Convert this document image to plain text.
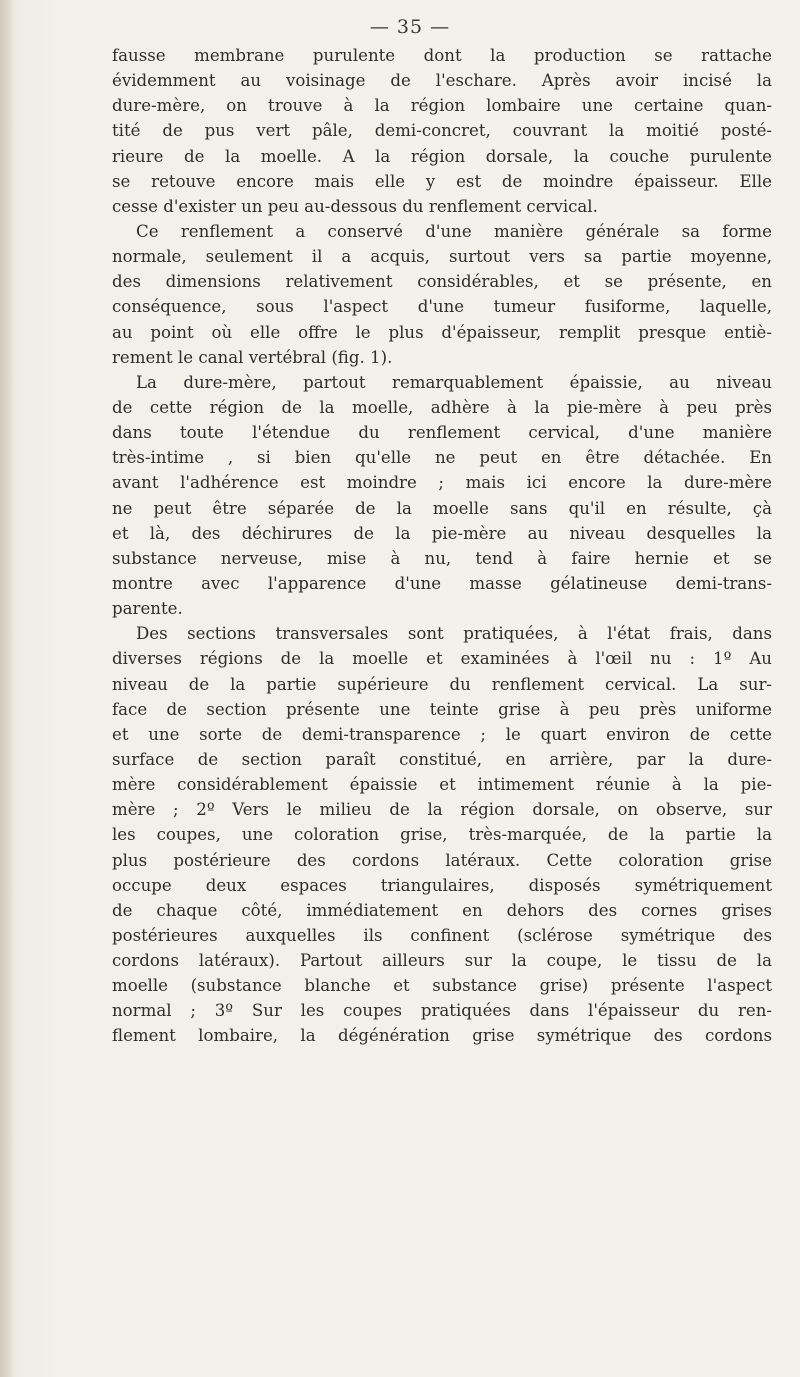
— 35 —
fausse membrane purulente dont la production se rattache
évidemment au voisinage de l'eschare. Après avoir incisé la
dure-mère, on trouve à la région lombaire une certaine quan-
tité de pus vert pâle, demi-concret, couvrant la moitié posté-
rieure de la moelle. A la région dorsale, la couche purulente
se retouve encore mais elle y est de moindre épaisseur. Elle
cesse d'exister un peu au-dessous du renflement cervical.
Ce renflement a conservé d'une manière générale sa forme
normale, seulement il a acquis, surtout vers sa partie moyenne,
des dimensions relativement considérables, et se présente, en
conséquence, sous l'aspect d'une tumeur fusiforme, laquelle,
au point où elle offre le plus d'épaisseur, remplit presque entiè-
rement le canal vertébral (fig. 1).
La dure-mère, partout remarquablement épaissie, au niveau
de cette région de la moelle, adhère à la pie-mère à peu près
dans toute l'étendue du renflement cervical, d'une manière
très-intime , si bien qu'elle ne peut en être détachée. En
avant l'adhérence est moindre ; mais ici encore la dure-mère
ne peut être séparée de la moelle sans qu'il en résulte, çà
et là, des déchirures de la pie-mère au niveau desquelles la
substance nerveuse, mise à nu, tend à faire hernie et se
montre avec l'apparence d'une masse gélatineuse demi-trans-
parente.
Des sections transversales sont pratiquées, à l'état frais, dans
diverses régions de la moelle et examinées à l'œil nu : 1º Au
niveau de la partie supérieure du renflement cervical. La sur-
face de section présente une teinte grise à peu près uniforme
et une sorte de demi-transparence ; le quart environ de cette
surface de section paraît constitué, en arrière, par la dure-
mère considérablement épaissie et intimement réunie à la pie-
mère ; 2º Vers le milieu de la région dorsale, on observe, sur
les coupes, une coloration grise, très-marquée, de la partie la
plus postérieure des cordons latéraux. Cette coloration grise
occupe deux espaces triangulaires, disposés symétriquement
de chaque côté, immédiatement en dehors des cornes grises
postérieures auxquelles ils confinent (sclérose symétrique des
cordons latéraux). Partout ailleurs sur la coupe, le tissu de la
moelle (substance blanche et substance grise) présente l'aspect
normal ; 3º Sur les coupes pratiquées dans l'épaisseur du ren-
flement lombaire, la dégénération grise symétrique des cordons
